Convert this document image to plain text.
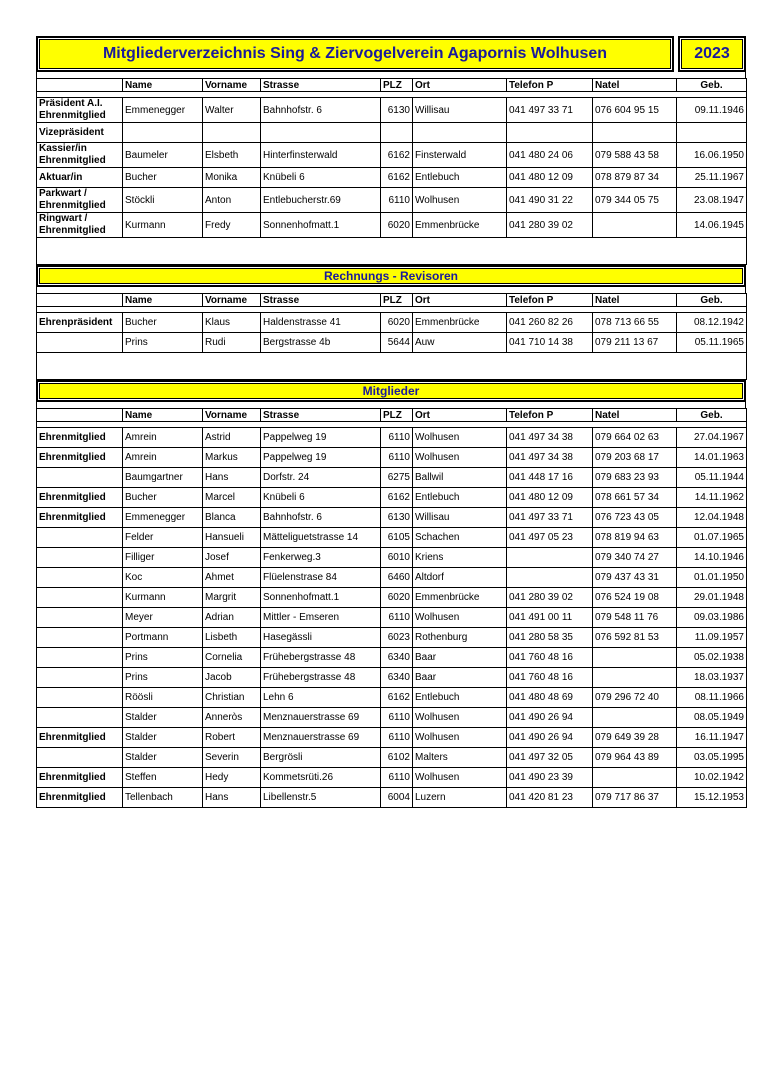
Mitgliederverzeichnis Sing & Ziervogelverein Agapornis Wolhusen	2023
	Name	Vorname	Strasse	PLZ	Ort	Telefon P	Natel	Geb.

Präsident A.I. Ehrenmitglied	Emmenegger	Walter	Bahnhofstr. 6	6130	Willisau	041 497 33 71	076 604 95 15	09.11.1946
Vizepräsident								
Kassier/in Ehrenmitglied	Baumeler	Elsbeth	Hinterfinsterwald	6162	Finsterwald	041 480 24 06	079 588 43 58	16.06.1950
Aktuar/in	Bucher	Monika	Knübeli 6	6162	Entlebuch	041 480 12 09	078 879 87 34	25.11.1967
Parkwart / Ehrenmitglied	Stöckli	Anton	Entlebucherstr.69	6110	Wolhusen	041 490 31 22	079 344 05 75	23.08.1947
Ringwart / Ehrenmitglied	Kurmann	Fredy	Sonnenhofmatt.1	6020	Emmenbrücke	041 280 39 02		14.06.1945

Rechnungs - Revisoren
	Name	Vorname	Strasse	PLZ	Ort	Telefon P	Natel	Geb.

Ehrenpräsident	Bucher	Klaus	Haldenstrasse 41	6020	Emmenbrücke	041 260 82 26	078 713 66 55	08.12.1942
	Prins	Rudi	Bergstrasse 4b	5644	Auw	041 710 14 38	079 211 13 67	05.11.1965

Mitglieder
	Name	Vorname	Strasse	PLZ	Ort	Telefon P	Natel	Geb.

Ehrenmitglied	Amrein	Astrid	Pappelweg 19	6110	Wolhusen	041 497 34 38	079 664 02 63	27.04.1967
Ehrenmitglied	Amrein	Markus	Pappelweg 19	6110	Wolhusen	041 497 34 38	079 203 68 17	14.01.1963
	Baumgartner	Hans	Dorfstr. 24	6275	Ballwil	041 448 17 16	079 683 23 93	05.11.1944
Ehrenmitglied	Bucher	Marcel	Knübeli 6	6162	Entlebuch	041 480 12 09	078 661 57 34	14.11.1962
Ehrenmitglied	Emmenegger	Blanca	Bahnhofstr. 6	6130	Willisau	041 497 33 71	076 723 43 05	12.04.1948
	Felder	Hansueli	Mätteliguetstrasse 14	6105	Schachen	041 497 05 23	078 819 94 63	01.07.1965
	Filliger	Josef	Fenkerweg.3	6010	Kriens		079 340 74 27	14.10.1946
	Koc	Ahmet	Flüelenstrase 84	6460	Altdorf		079 437 43 31	01.01.1950
	Kurmann	Margrit	Sonnenhofmatt.1	6020	Emmenbrücke	041 280 39 02	076 524 19 08	29.01.1948
	Meyer	Adrian	Mittler - Emseren	6110	Wolhusen	041 491 00 11	079 548 11 76	09.03.1986
	Portmann	Lisbeth	Hasegässli	6023	Rothenburg	041 280 58 35	076 592 81 53	11.09.1957
	Prins	Cornelia	Frühebergstrasse 48	6340	Baar	041 760 48 16		05.02.1938
	Prins	Jacob	Frühebergstrasse 48	6340	Baar	041 760 48 16		18.03.1937
	Röösli	Christian	Lehn 6	6162	Entlebuch	041 480 48 69	079 296 72 40	08.11.1966
	Stalder	Anneròs	Menznauerstrasse 69	6110	Wolhusen	041 490 26 94		08.05.1949
Ehrenmitglied	Stalder	Robert	Menznauerstrasse 69	6110	Wolhusen	041 490 26 94	079 649 39 28	16.11.1947
	Stalder	Severin	Bergrösli	6102	Malters	041 497 32 05	079 964 43 89	03.05.1995
Ehrenmitglied	Steffen	Hedy	Kommetsrüti.26	6110	Wolhusen	041 490 23 39		10.02.1942
Ehrenmitglied	Tellenbach	Hans	Libellenstr.5	6004	Luzern	041 420 81 23	079 717 86 37	15.12.1953
